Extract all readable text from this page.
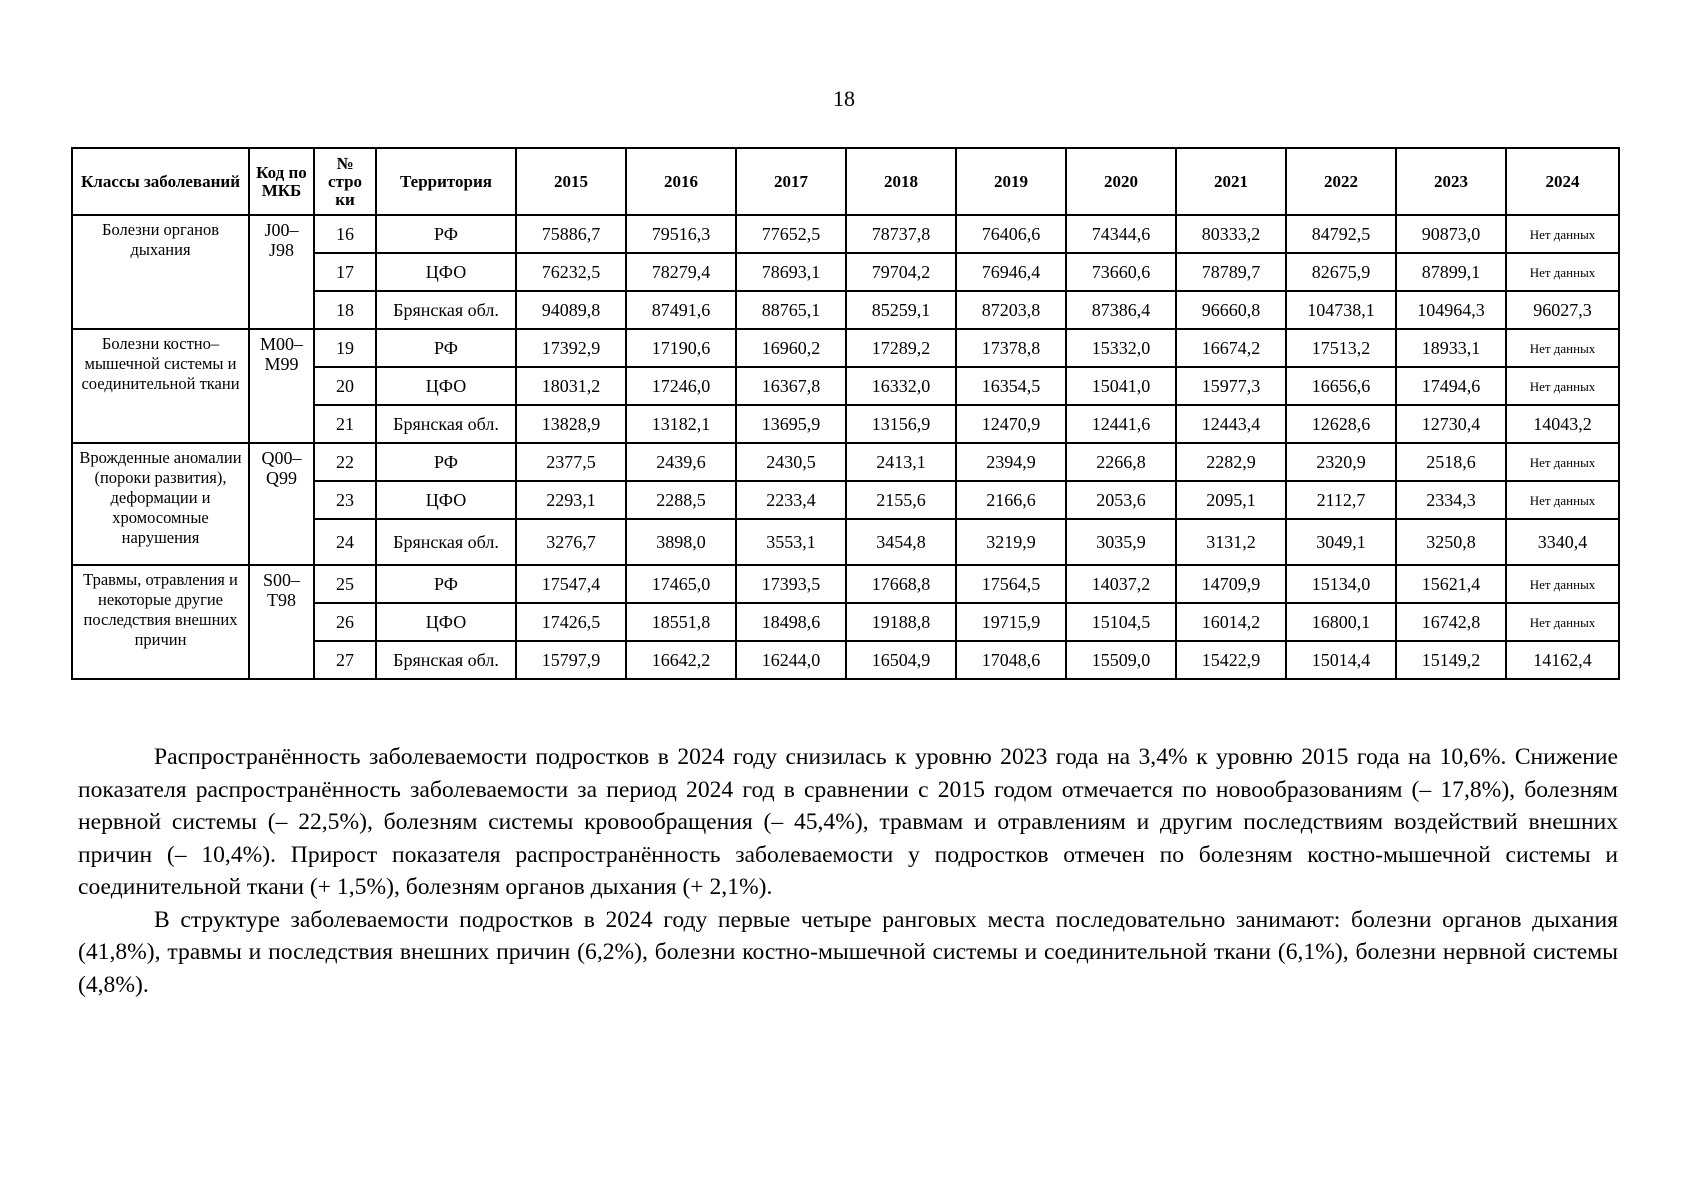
18
Классы заболеваний	Код по МКБ	№ стро ки	Территория	2015	2016	2017	2018	2019	2020	2021	2022	2023	2024
Болезни органов дыхания	J00– J98	16	РФ	75886,7	79516,3	77652,5	78737,8	76406,6	74344,6	80333,2	84792,5	90873,0	Нет данных
		17	ЦФО	76232,5	78279,4	78693,1	79704,2	76946,4	73660,6	78789,7	82675,9	87899,1	Нет данных
		18	Брянская обл.	94089,8	87491,6	88765,1	85259,1	87203,8	87386,4	96660,8	104738,1	104964,3	96027,3
Болезни костно– мышечной системы и соединительной ткани	M00– M99	19	РФ	17392,9	17190,6	16960,2	17289,2	17378,8	15332,0	16674,2	17513,2	18933,1	Нет данных
		20	ЦФО	18031,2	17246,0	16367,8	16332,0	16354,5	15041,0	15977,3	16656,6	17494,6	Нет данных
		21	Брянская обл.	13828,9	13182,1	13695,9	13156,9	12470,9	12441,6	12443,4	12628,6	12730,4	14043,2
Врожденные аномалии (пороки развития), деформации и хромосомные нарушения	Q00– Q99	22	РФ	2377,5	2439,6	2430,5	2413,1	2394,9	2266,8	2282,9	2320,9	2518,6	Нет данных
		23	ЦФО	2293,1	2288,5	2233,4	2155,6	2166,6	2053,6	2095,1	2112,7	2334,3	Нет данных
		24	Брянская обл.	3276,7	3898,0	3553,1	3454,8	3219,9	3035,9	3131,2	3049,1	3250,8	3340,4
Травмы, отравления и некоторые другие последствия внешних причин	S00– T98	25	РФ	17547,4	17465,0	17393,5	17668,8	17564,5	14037,2	14709,9	15134,0	15621,4	Нет данных
		26	ЦФО	17426,5	18551,8	18498,6	19188,8	19715,9	15104,5	16014,2	16800,1	16742,8	Нет данных
		27	Брянская обл.	15797,9	16642,2	16244,0	16504,9	17048,6	15509,0	15422,9	15014,4	15149,2	14162,4

Распространённость заболеваемости подростков в 2024 году снизилась к уровню 2023 года на 3,4% к уровню 2015 года на 10,6%. Снижение показателя распространённость заболеваемости за период 2024 год в сравнении с 2015 годом отмечается по новообразованиям (– 17,8%), болезням нервной системы (– 22,5%), болезням системы кровообращения (– 45,4%), травмам и отравлениям и другим последствиям воздействий внешних причин (– 10,4%). Прирост показателя распространённость заболеваемости у подростков отмечен по болезням костно-мышечной системы и соединительной ткани (+ 1,5%), болезням органов дыхания (+ 2,1%).

В структуре заболеваемости подростков в 2024 году первые четыре ранговых места последовательно занимают: болезни органов дыхания (41,8%), травмы и последствия внешних причин (6,2%), болезни костно-мышечной системы и соединительной ткани (6,1%), болезни нервной системы (4,8%).
